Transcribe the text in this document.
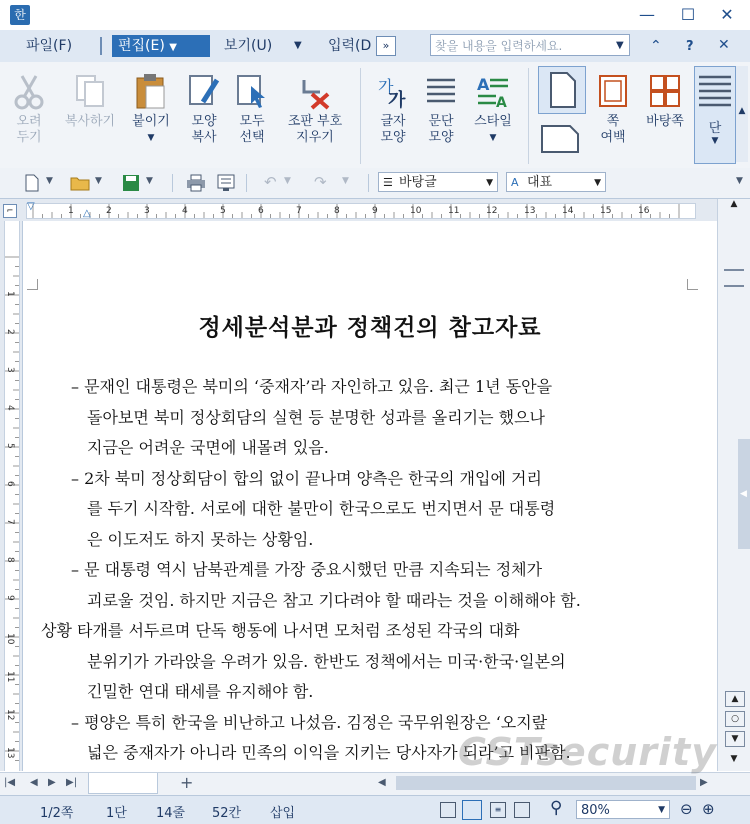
한	—	☐	✕
파일(F)	편집(E) ▼	보기(U)	▼	입력(D	»	찾을 내용을 입력하세요.	▼ ⌃ ? ✕
오려
두기
복사하기	붙이기
▼
모양
복사
모두
선택
조판 부호
지우기
가
가
글자
모양
문단
모양
A
A
스타일
▼
쪽
여백
바탕쪽	단
▼
▲
▼	▼	▼	↶ ▼ ↷ ▼	바탕글
☰	▼	대표
A	▼	▼
⌐	1	2	3	4	5	6	7	8	9	10	11	12	13	14	15	16
▽
△
1
2
3
4
5
6
7
8
9
10
11
12
13
정세분석분과 정책건의 참고자료
– 문재인 대통령은 북미의 ‘중재자’라 자인하고 있음. 최근 1년 동안을
돌아보면 북미 정상회담의 실현 등 분명한 성과를 올리기는 했으나
지금은 어려운 국면에 내몰려 있음.
– 2차 북미 정상회담이 합의 없이 끝나며 양측은 한국의 개입에 거리
를 두기 시작함. 서로에 대한 불만이 한국으로도 번지면서 문 대통령
은 이도저도 하지 못하는 상황임.
– 문 대통령 역시 남북관계를 가장 중요시했던 만큼 지속되는 정체가
괴로울 것임. 하지만 지금은 참고 기다려야 할 때라는 것을 이해해야 함.
상황 타개를 서두르며 단독 행동에 나서면 모처럼 조성된 각국의 대화
분위기가 가라앉을 우려가 있음. 한반도 정책에서는 미국·한국·일본의
긴밀한 연대 태세를 유지해야 함.
– 평양은 특히 한국을 비난하고 나섰음. 김정은 국무위원장은 ‘오지랖
넓은 중재자가 아니라 민족의 이익을 지키는 당사자가 되라’고 비판함.
▲
◀
▲
○
▼
▼
|◀ ◀ ▶ ▶|	+	◀	▶
1/2쪽	1단 14줄 52칸 삽입	≡	⚲	80%	▼ ⊖ ⊕
CSTsecurity
